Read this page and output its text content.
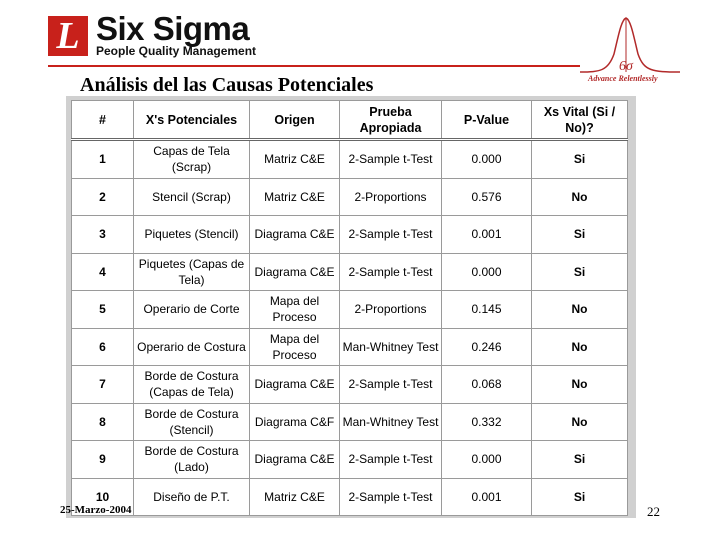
L Six Sigma
People Quality Management
6σ
Advance Relentlessly
Análisis del las Causas Potenciales
#	X's Potenciales	Origen	Prueba Apropiada	P-Value	Xs Vital (Si / No)?
1	Capas de Tela (Scrap)	Matriz C&E	2-Sample t-Test	0.000	Si
2	Stencil (Scrap)	Matriz C&E	2-Proportions	0.576	No
3	Piquetes (Stencil)	Diagrama C&E	2-Sample t-Test	0.001	Si
4	Piquetes (Capas de Tela)	Diagrama C&E	2-Sample t-Test	0.000	Si
5	Operario de Corte	Mapa del Proceso	2-Proportions	0.145	No
6	Operario de Costura	Mapa del Proceso	Man-Whitney Test	0.246	No
7	Borde de Costura (Capas de Tela)	Diagrama C&E	2-Sample t-Test	0.068	No
8	Borde de Costura (Stencil)	Diagrama C&F	Man-Whitney Test	0.332	No
9	Borde de Costura (Lado)	Diagrama C&E	2-Sample t-Test	0.000	Si
10	Diseño de P.T.	Matriz C&E	2-Sample t-Test	0.001	Si
25-Marzo-2004	22
